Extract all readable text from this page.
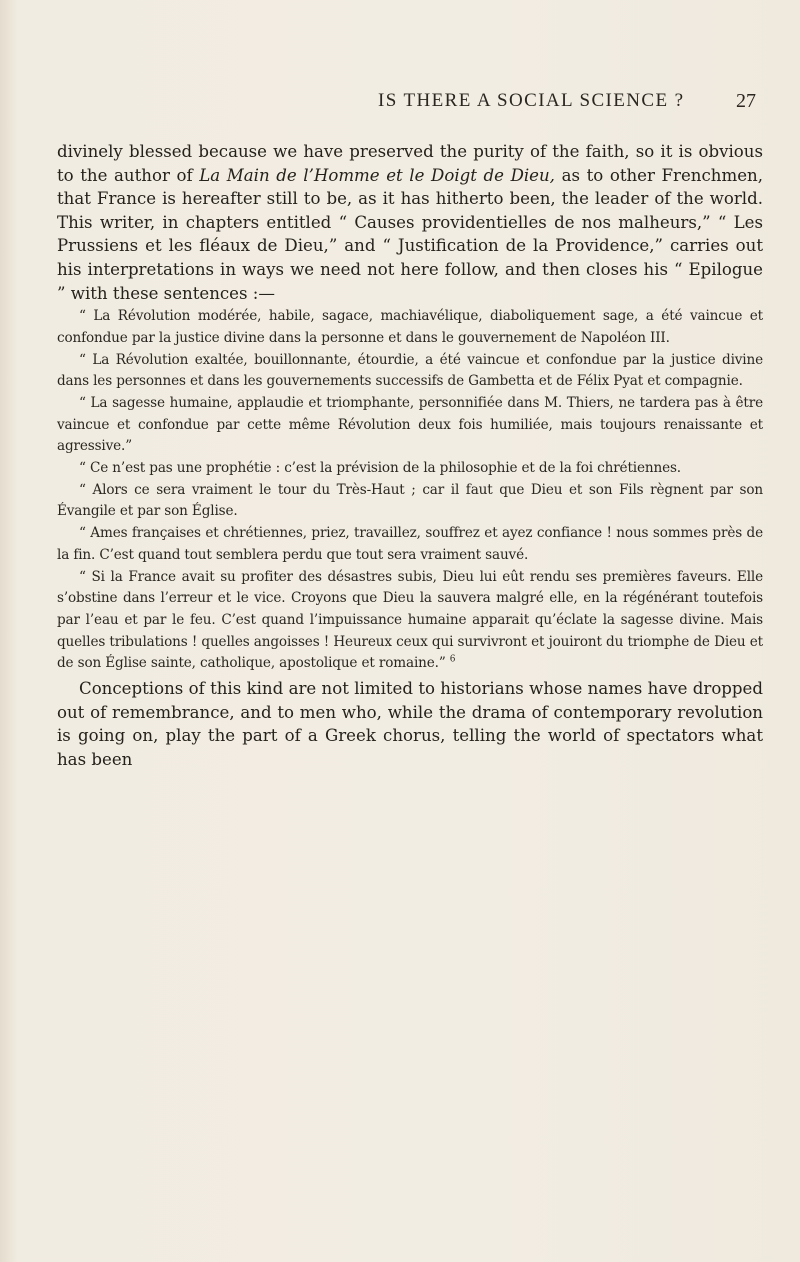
IS THERE A SOCIAL SCIENCE ?	27

divinely blessed because we have preserved the purity of the faith, so it is obvious to the author of La Main de l’Homme et le Doigt de Dieu, as to other Frenchmen, that France is hereafter still to be, as it has hitherto been, the leader of the world. This writer, in chapters entitled “ Causes providentielles de nos malheurs,” “ Les Prussiens et les fléaux de Dieu,” and “ Justification de la Providence,” carries out his interpretations in ways we need not here follow, and then closes his “ Epilogue ” with these sentences :—

“ La Révolution modérée, habile, sagace, machiavélique, diaboliquement sage, a été vaincue et confondue par la justice divine dans la personne et dans le gouvernement de Napoléon III.

“ La Révolution exaltée, bouillonnante, étourdie, a été vaincue et confondue par la justice divine dans les personnes et dans les gouvernements successifs de Gambetta et de Félix Pyat et compagnie.

“ La sagesse humaine, applaudie et triomphante, personnifiée dans M. Thiers, ne tardera pas à être vaincue et confondue par cette même Révolution deux fois humiliée, mais toujours renaissante et agressive.”

“ Ce n’est pas une prophétie : c’est la prévision de la philosophie et de la foi chrétiennes.

“ Alors ce sera vraiment le tour du Très-Haut ; car il faut que Dieu et son Fils règnent par son Évangile et par son Église.

“ Ames françaises et chrétiennes, priez, travaillez, souffrez et ayez confiance ! nous sommes près de la fin. C’est quand tout semblera perdu que tout sera vraiment sauvé.

“ Si la France avait su profiter des désastres subis, Dieu lui eût rendu ses premières faveurs. Elle s’obstine dans l’erreur et le vice. Croyons que Dieu la sauvera malgré elle, en la régénérant toutefois par l’eau et par le feu. C’est quand l’impuissance humaine apparait qu’éclate la sagesse divine. Mais quelles tribulations ! quelles angoisses ! Heureux ceux qui survivront et jouiront du triomphe de Dieu et de son Église sainte, catholique, apostolique et romaine.” $^6$

Conceptions of this kind are not limited to historians whose names have dropped out of remembrance, and to men who, while the drama of contemporary revolution is going on, play the part of a Greek chorus, telling the world of spectators what has been
